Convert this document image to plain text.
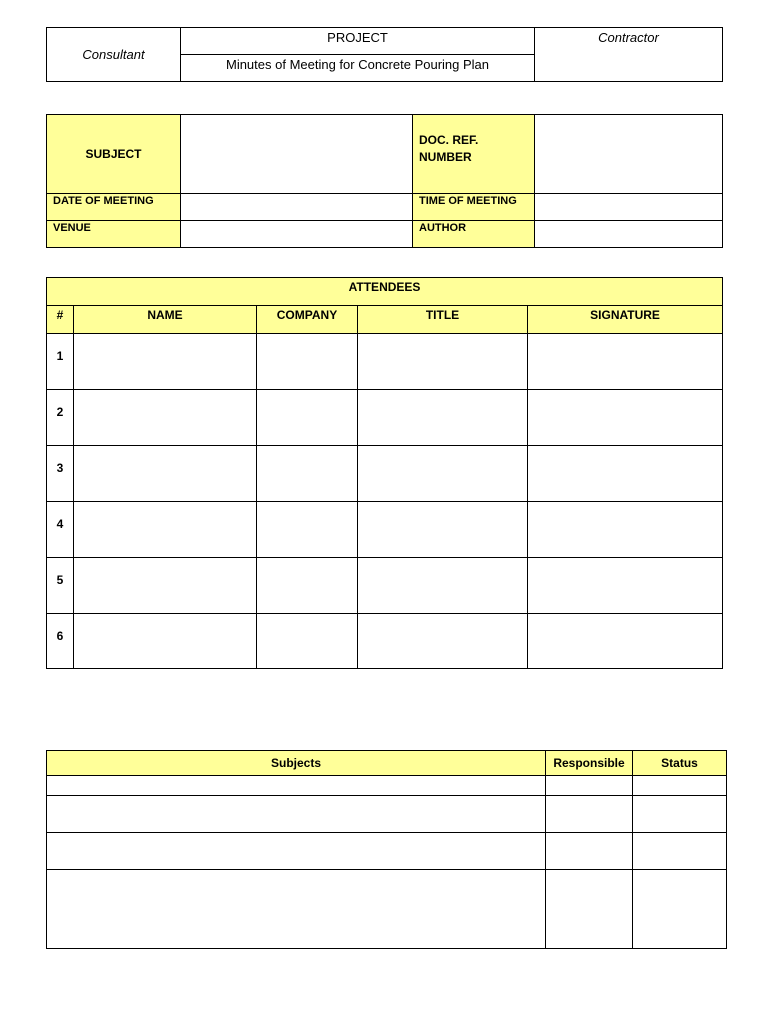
Consultant	PROJECT	Contractor
Minutes of Meeting for Concrete Pouring Plan
SUBJECT		DOC. REF. NUMBER	
DATE OF MEETING		TIME OF MEETING	
VENUE		AUTHOR	
ATTENDEES				
#	NAME	COMPANY	TITLE	SIGNATURE
1				
2				
3				
4				
5				
6				
Subjects	Responsible	Status
